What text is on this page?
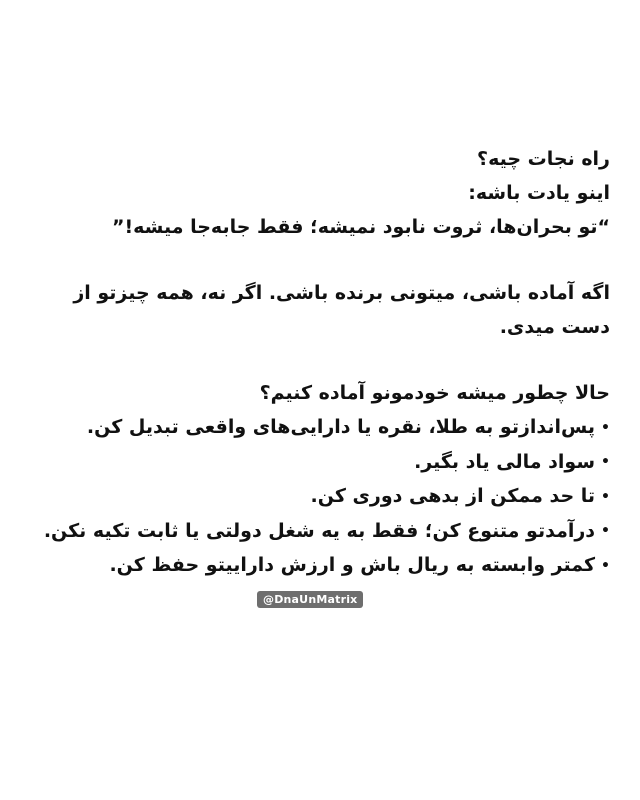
راه نجات چیه؟
اینو یادت باشه:
“تو بحران‌ها، ثروت نابود نمیشه؛ فقط جابه‌جا میشه!”
اگه آماده باشی، میتونی برنده باشی. اگر نه، همه چیزتو از
دست میدی.
حالا چطور میشه خودمونو آماده کنیم؟
•پس‌اندازتو به طلا، نقره یا دارایی‌های واقعی تبدیل کن.
•سواد مالی یاد بگیر.
•تا حد ممکن از بدهی دوری کن.
•درآمدتو متنوع کن؛ فقط به یه شغل دولتی یا ثابت تکیه نکن.
•کمتر وابسته به ریال باش و ارزش داراییتو حفظ کن.
@DnaUnMatrix
